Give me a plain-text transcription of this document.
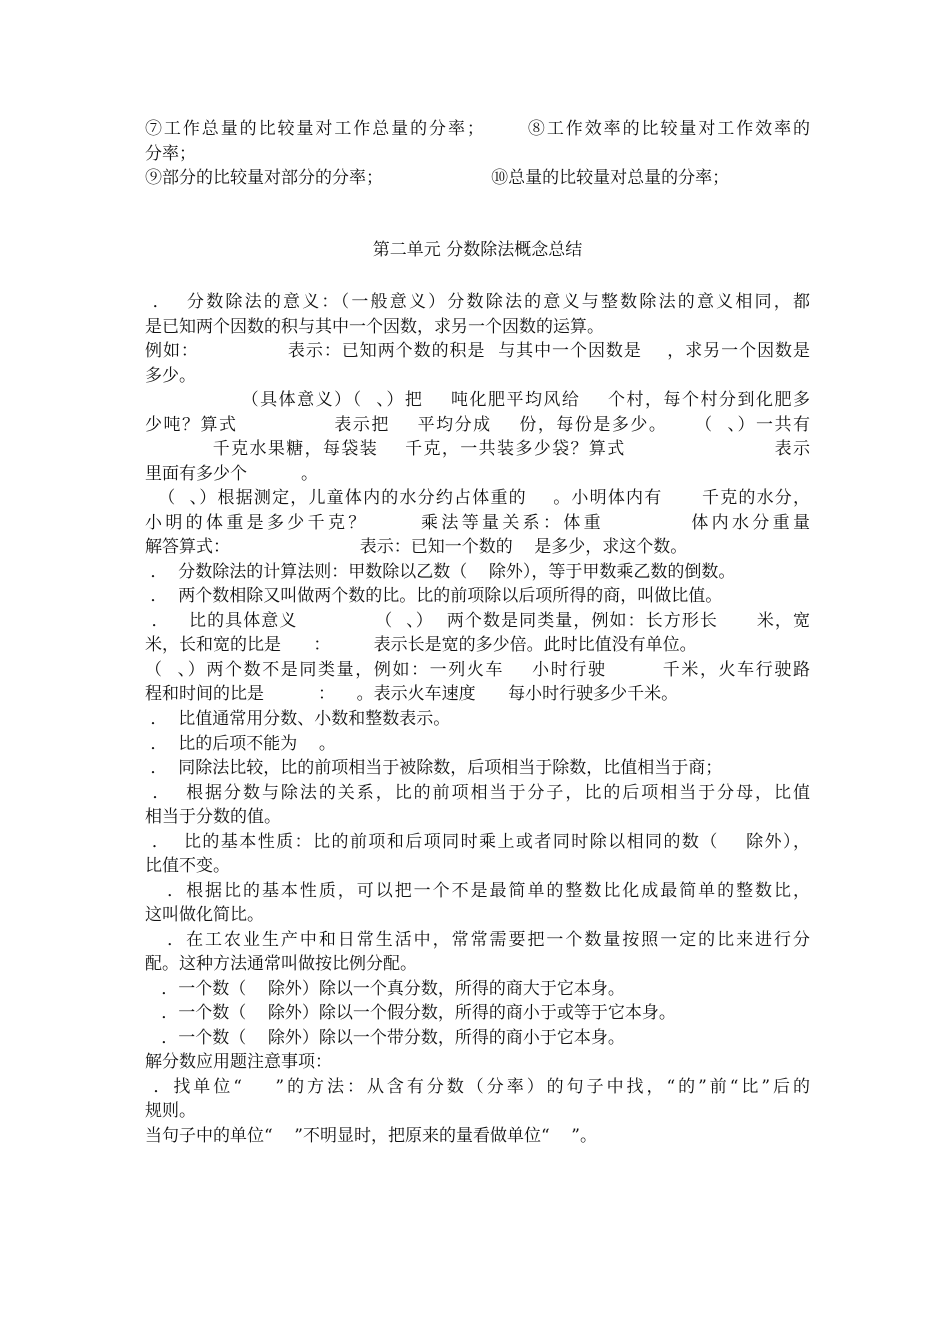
⑦工作总量的比较量对工作总量的分率；      ⑧工作效率的比较量对工作效率的
分率；
⑨部分的比较量对部分的分率；                    ⑩总量的比较量对总量的分率；
第二单元 分数除法概念总结
．  分数除法的意义：（一般意义）分数除法的意义与整数除法的意义相同，都
是已知两个因数的积与其中一个因数，求另一个因数的运算。
例如：              表示：已知两个数的积是  与其中一个因数是    ，求另一个因数是
多少。
（具体意义）（  、）把    吨化肥平均风给    个村，每个村分到化肥多
少吨？算式              表示把    平均分成    份，每份是多少。    （  、）一共有
千克水果糖，每袋装    千克，一共装多少袋？算式                      表示
里面有多少个          。
（  、）根据测定，儿童体内的水分约占体重的    。小明体内有      千克的水分，
小明的体重是多少千克？      乘法等量关系：体重          体内水分重量
解答算式：                        表示：已知一个数的    是多少，求这个数。
．  分数除法的计算法则：甲数除以乙数（    除外），等于甲数乘乙数的倒数。
．  两个数相除又叫做两个数的比。比的前项除以后项所得的商，叫做比值。
．   比的具体意义            （  、）  两个数是同类量，例如：长方形长      米，宽
米，长和宽的比是      ：        表示长是宽的多少倍。此时比值没有单位。
（  、）两个数不是同类量，例如：一列火车    小时行驶        千米，火车行驶路
程和时间的比是          ：    。表示火车速度      每小时行驶多少千米。
．  比值通常用分数、小数和整数表示。
．  比的后项不能为    。
．  同除法比较，比的前项相当于被除数，后项相当于除数，比值相当于商；
．  根据分数与除法的关系，比的前项相当于分子，比的后项相当于分母，比值
相当于分数的值。
．  比的基本性质：比的前项和后项同时乘上或者同时除以相同的数（    除外），
比值不变。
．根据比的基本性质，可以把一个不是最简单的整数比化成最简单的整数比，
这叫做化简比。
．在工农业生产中和日常生活中，常常需要把一个数量按照一定的比来进行分
配。这种方法通常叫做按比例分配。
．一个数（    除外）除以一个真分数，所得的商大于它本身。
．一个数（    除外）除以一个假分数，所得的商小于或等于它本身。
．一个数（    除外）除以一个带分数，所得的商小于它本身。
解分数应用题注意事项：
．找单位“    ”的方法：从含有分数（分率）的句子中找，“的”前“比”后的
规则。
当句子中的单位“    ”不明显时，把原来的量看做单位“    ”。
